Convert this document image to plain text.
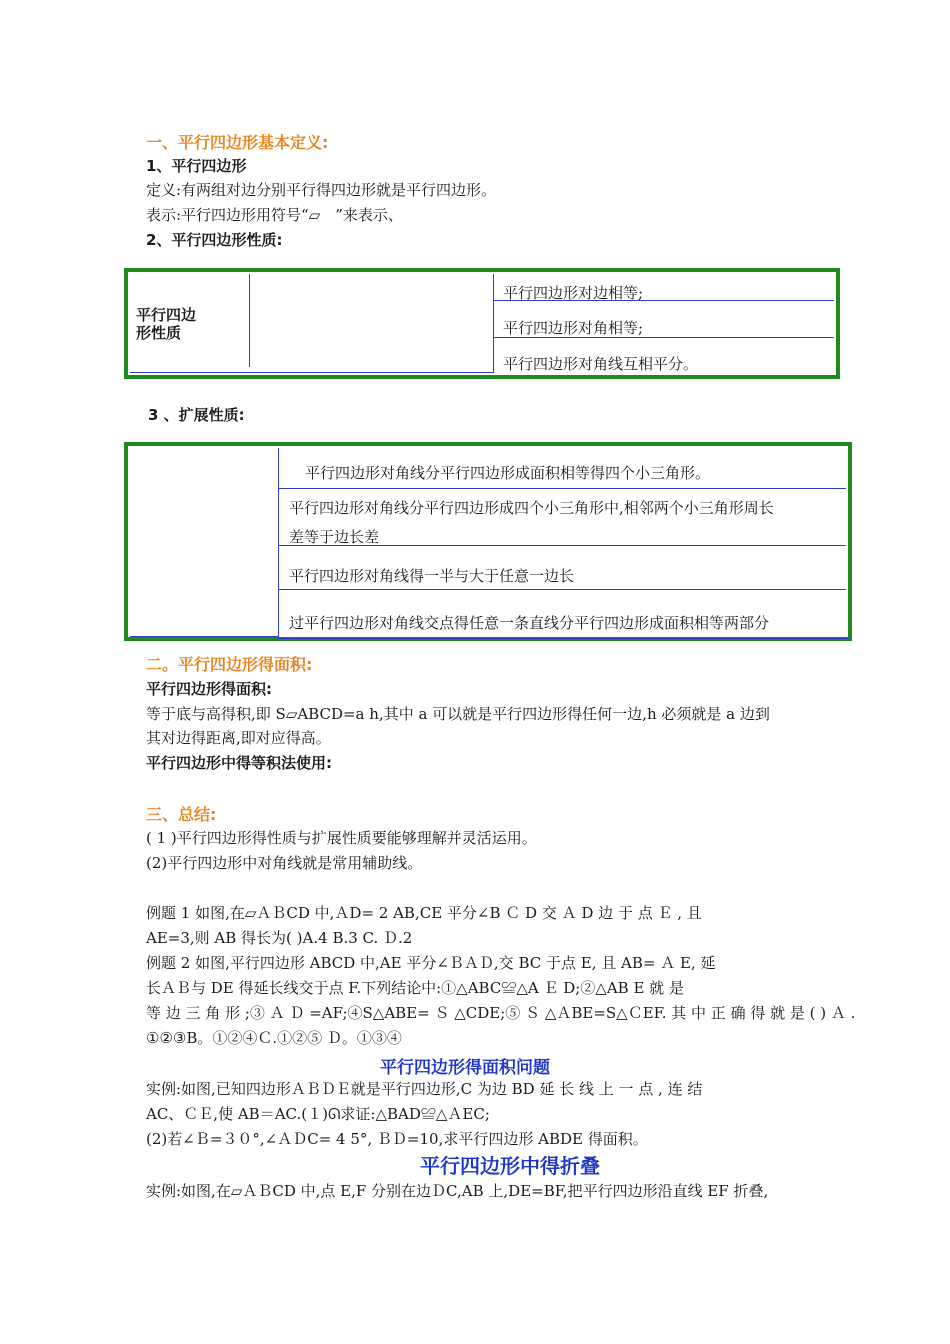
一、平行四边形基本定义:
1、平行四边形
定义:有两组对边分别平行得四边形就是平行四边形。
表示:平行四边形用符号“▱　”来表示、
2、平行四边形性质:
平行四边
形性质
平行四边形对边相等;
平行四边形对角相等;
平行四边形对角线互相平分。
3 、扩展性质:
平行四边形对角线分平行四边形成面积相等得四个小三角形。
平行四边形对角线分平行四边形成四个小三角形中,相邻两个小三角形周长
差等于边长差
平行四边形对角线得一半与大于任意一边长
过平行四边形对角线交点得任意一条直线分平行四边形成面积相等两部分
二。平行四边形得面积:
平行四边形得面积:
等于底与高得积,即 S▱ABCD=a h,其中 a 可以就是平行四边形得任何一边,h 必须就是 a 边到
其对边得距离,即对应得高。
平行四边形中得等积法使用:
三、总结:
( 1 )平行四边形得性质与扩展性质要能够理解并灵活运用。
(2)平行四边形中对角线就是常用辅助线。
例题 1 如图,在▱ＡＢCD 中,ＡD= 2 AB,CE 平分∠B Ｃ D 交 Ａ D 边 于 点 Ｅ , 且
AE=3,则 AB 得长为( )A.4 B.3 C. Ｄ.2
例题 2 如图,平行四边形 ABCD 中,AE 平分∠ＢＡＤ,交 BC 于点 E, 且 AB= Ａ E, 延
长ＡＢ与 DE 得延长线交于点 F.下列结论中:①△ABC≌△A Ｅ D;②△AB E 就 是
等 边 三 角 形 ;③ Ａ Ｄ =AF;④S△ABE= Ｓ △CDE;⑤ Ｓ △ＡBE=S△ＣEF. 其 中 正 确 得 就 是 ( ) Ａ .
①②③B。①②④Ｃ.①②⑤ Ｄ。①③④
平行四边形得面积问题
实例:如图,已知四边形ＡＢＤＥ就是平行四边形,C 为边 BD 延 长 线 上 一 点 , 连 结
AC、ＣＥ,使 AB＝AC.(１)ᘏ求证:△BAD≌△ＡEC;
(2)若∠Ｂ=３０°,∠ＡＤC= 4 5°, ＢＤ=10,求平行四边形 ABDE 得面积。
平行四边形中得折叠
实例:如图,在▱ＡＢCD 中,点 E,F 分别在边ＤC,AB 上,DE=BF,把平行四边形沿直线 EF 折叠,
